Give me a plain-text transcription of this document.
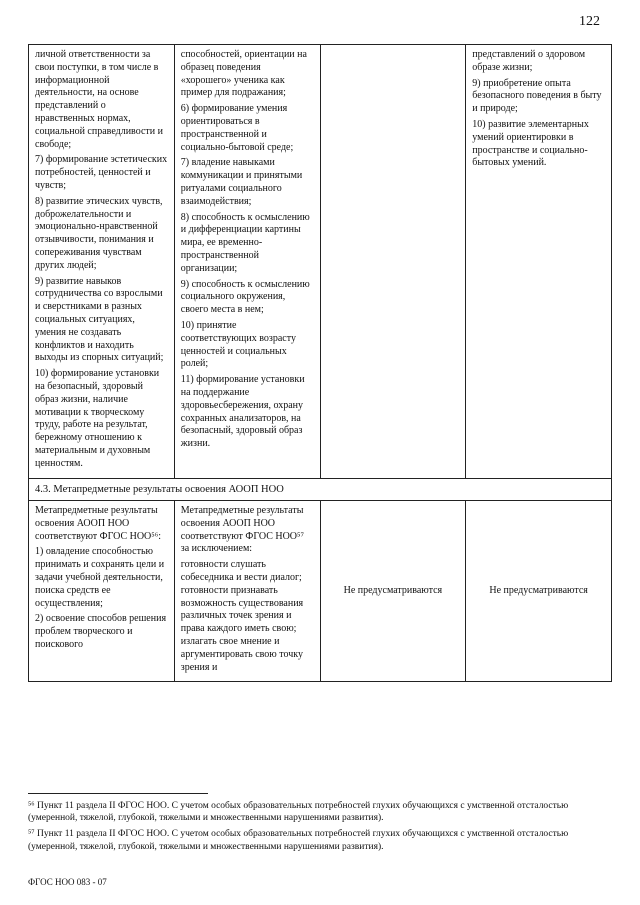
122

личной ответственности за свои поступки, в том числе в информационной деятельности, на основе представлений о нравственных нормах, социальной справедливости и свободе;

7) формирование эстетических потребностей, ценностей и чувств;

8) развитие этических чувств, доброжелательности и эмоционально-нравственной отзывчивости, понимания и сопереживания чувствам других людей;

9) развитие навыков сотрудничества со взрослыми и сверстниками в разных социальных ситуациях, умения не создавать конфликтов и находить выходы из спорных ситуаций;

10) формирование установки на безопасный, здоровый образ жизни, наличие мотивации к творческому труду, работе на результат, бережному отношению к материальным и духовным ценностям.

способностей, ориентации на образец поведения «хорошего» ученика как пример для подражания;

6) формирование умения ориентироваться в пространственной и социально-бытовой среде;

7) владение навыками коммуникации и принятыми ритуалами социального взаимодействия;

8) способность к осмыслению и дифференциации картины мира, ее временно-пространственной организации;

9) способность к осмыслению социального окружения, своего места в нем;

10) принятие соответствующих возрасту ценностей и социальных ролей;

11) формирование установки на поддержание здоровьесбережения, охрану сохранных анализаторов, на безопасный, здоровый образ жизни.

представлений о здоровом образе жизни;

9) приобретение опыта безопасного поведения в быту и природе;

10) развитие элементарных умений ориентировки в пространстве и социально-бытовых умений.

4.3. Метапредметные результаты освоения АООП НОО

Метапредметные результаты освоения АООП НОО соответствуют ФГОС НОО⁵⁶:

1) овладение способностью принимать и сохранять цели и задачи учебной деятельности, поиска средств ее осуществления;

2) освоение способов решения проблем творческого и поискового

Метапредметные результаты освоения АООП НОО соответствуют ФГОС НОО⁵⁷ за исключением:

готовности слушать собеседника и вести диалог; готовности признавать возможность существования различных точек зрения и права каждого иметь свою; излагать свое мнение и аргументировать свою точку зрения и

Не предусматриваются	Не предусматриваются

⁵⁶ Пункт 11 раздела II ФГОС НОО. С учетом особых образовательных потребностей глухих обучающихся с умственной отсталостью (умеренной, тяжелой, глубокой, тяжелыми и множественными нарушениями развития).

⁵⁷ Пункт 11 раздела II ФГОС НОО. С учетом особых образовательных потребностей глухих обучающихся с умственной отсталостью (умеренной, тяжелой, глубокой, тяжелыми и множественными нарушениями развития).

ФГОС НОО 083 - 07
